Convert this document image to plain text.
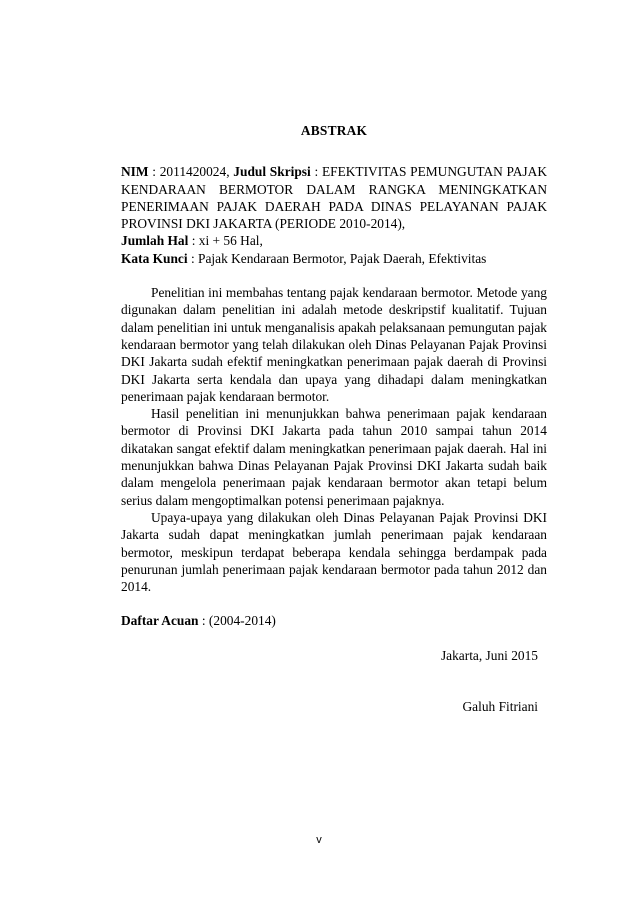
ABSTRAK

NIM : 2011420024, Judul Skripsi : EFEKTIVITAS PEMUNGUTAN PAJAK KENDARAAN BERMOTOR DALAM RANGKA MENINGKATKAN PENERIMAAN PAJAK DAERAH PADA DINAS PELAYANAN PAJAK PROVINSI DKI JAKARTA (PERIODE 2010-2014),

Jumlah Hal : xi + 56 Hal,
Kata Kunci : Pajak Kendaraan Bermotor, Pajak Daerah, Efektivitas

Penelitian ini membahas tentang pajak kendaraan bermotor. Metode yang digunakan dalam penelitian ini adalah metode deskripstif kualitatif. Tujuan dalam penelitian ini untuk menganalisis apakah pelaksanaan pemungutan pajak kendaraan bermotor yang telah dilakukan oleh Dinas Pelayanan Pajak Provinsi DKI Jakarta sudah efektif meningkatkan penerimaan pajak daerah di Provinsi DKI Jakarta serta kendala dan upaya yang dihadapi dalam meningkatkan penerimaan pajak kendaraan bermotor.

Hasil penelitian ini menunjukkan bahwa penerimaan pajak kendaraan bermotor di Provinsi DKI Jakarta pada tahun 2010 sampai tahun 2014 dikatakan sangat efektif dalam meningkatkan penerimaan pajak daerah. Hal ini menunjukkan bahwa Dinas Pelayanan Pajak Provinsi DKI Jakarta sudah baik dalam mengelola penerimaan pajak kendaraan bermotor akan tetapi belum serius dalam mengoptimalkan potensi penerimaan pajaknya.

Upaya-upaya yang dilakukan oleh Dinas Pelayanan Pajak Provinsi DKI Jakarta sudah dapat meningkatkan jumlah penerimaan pajak kendaraan bermotor, meskipun terdapat beberapa kendala sehingga berdampak pada penurunan jumlah penerimaan pajak kendaraan bermotor pada tahun 2012 dan 2014.

Daftar Acuan : (2004-2014)
Jakarta, Juni 2015
Galuh Fitriani
v
